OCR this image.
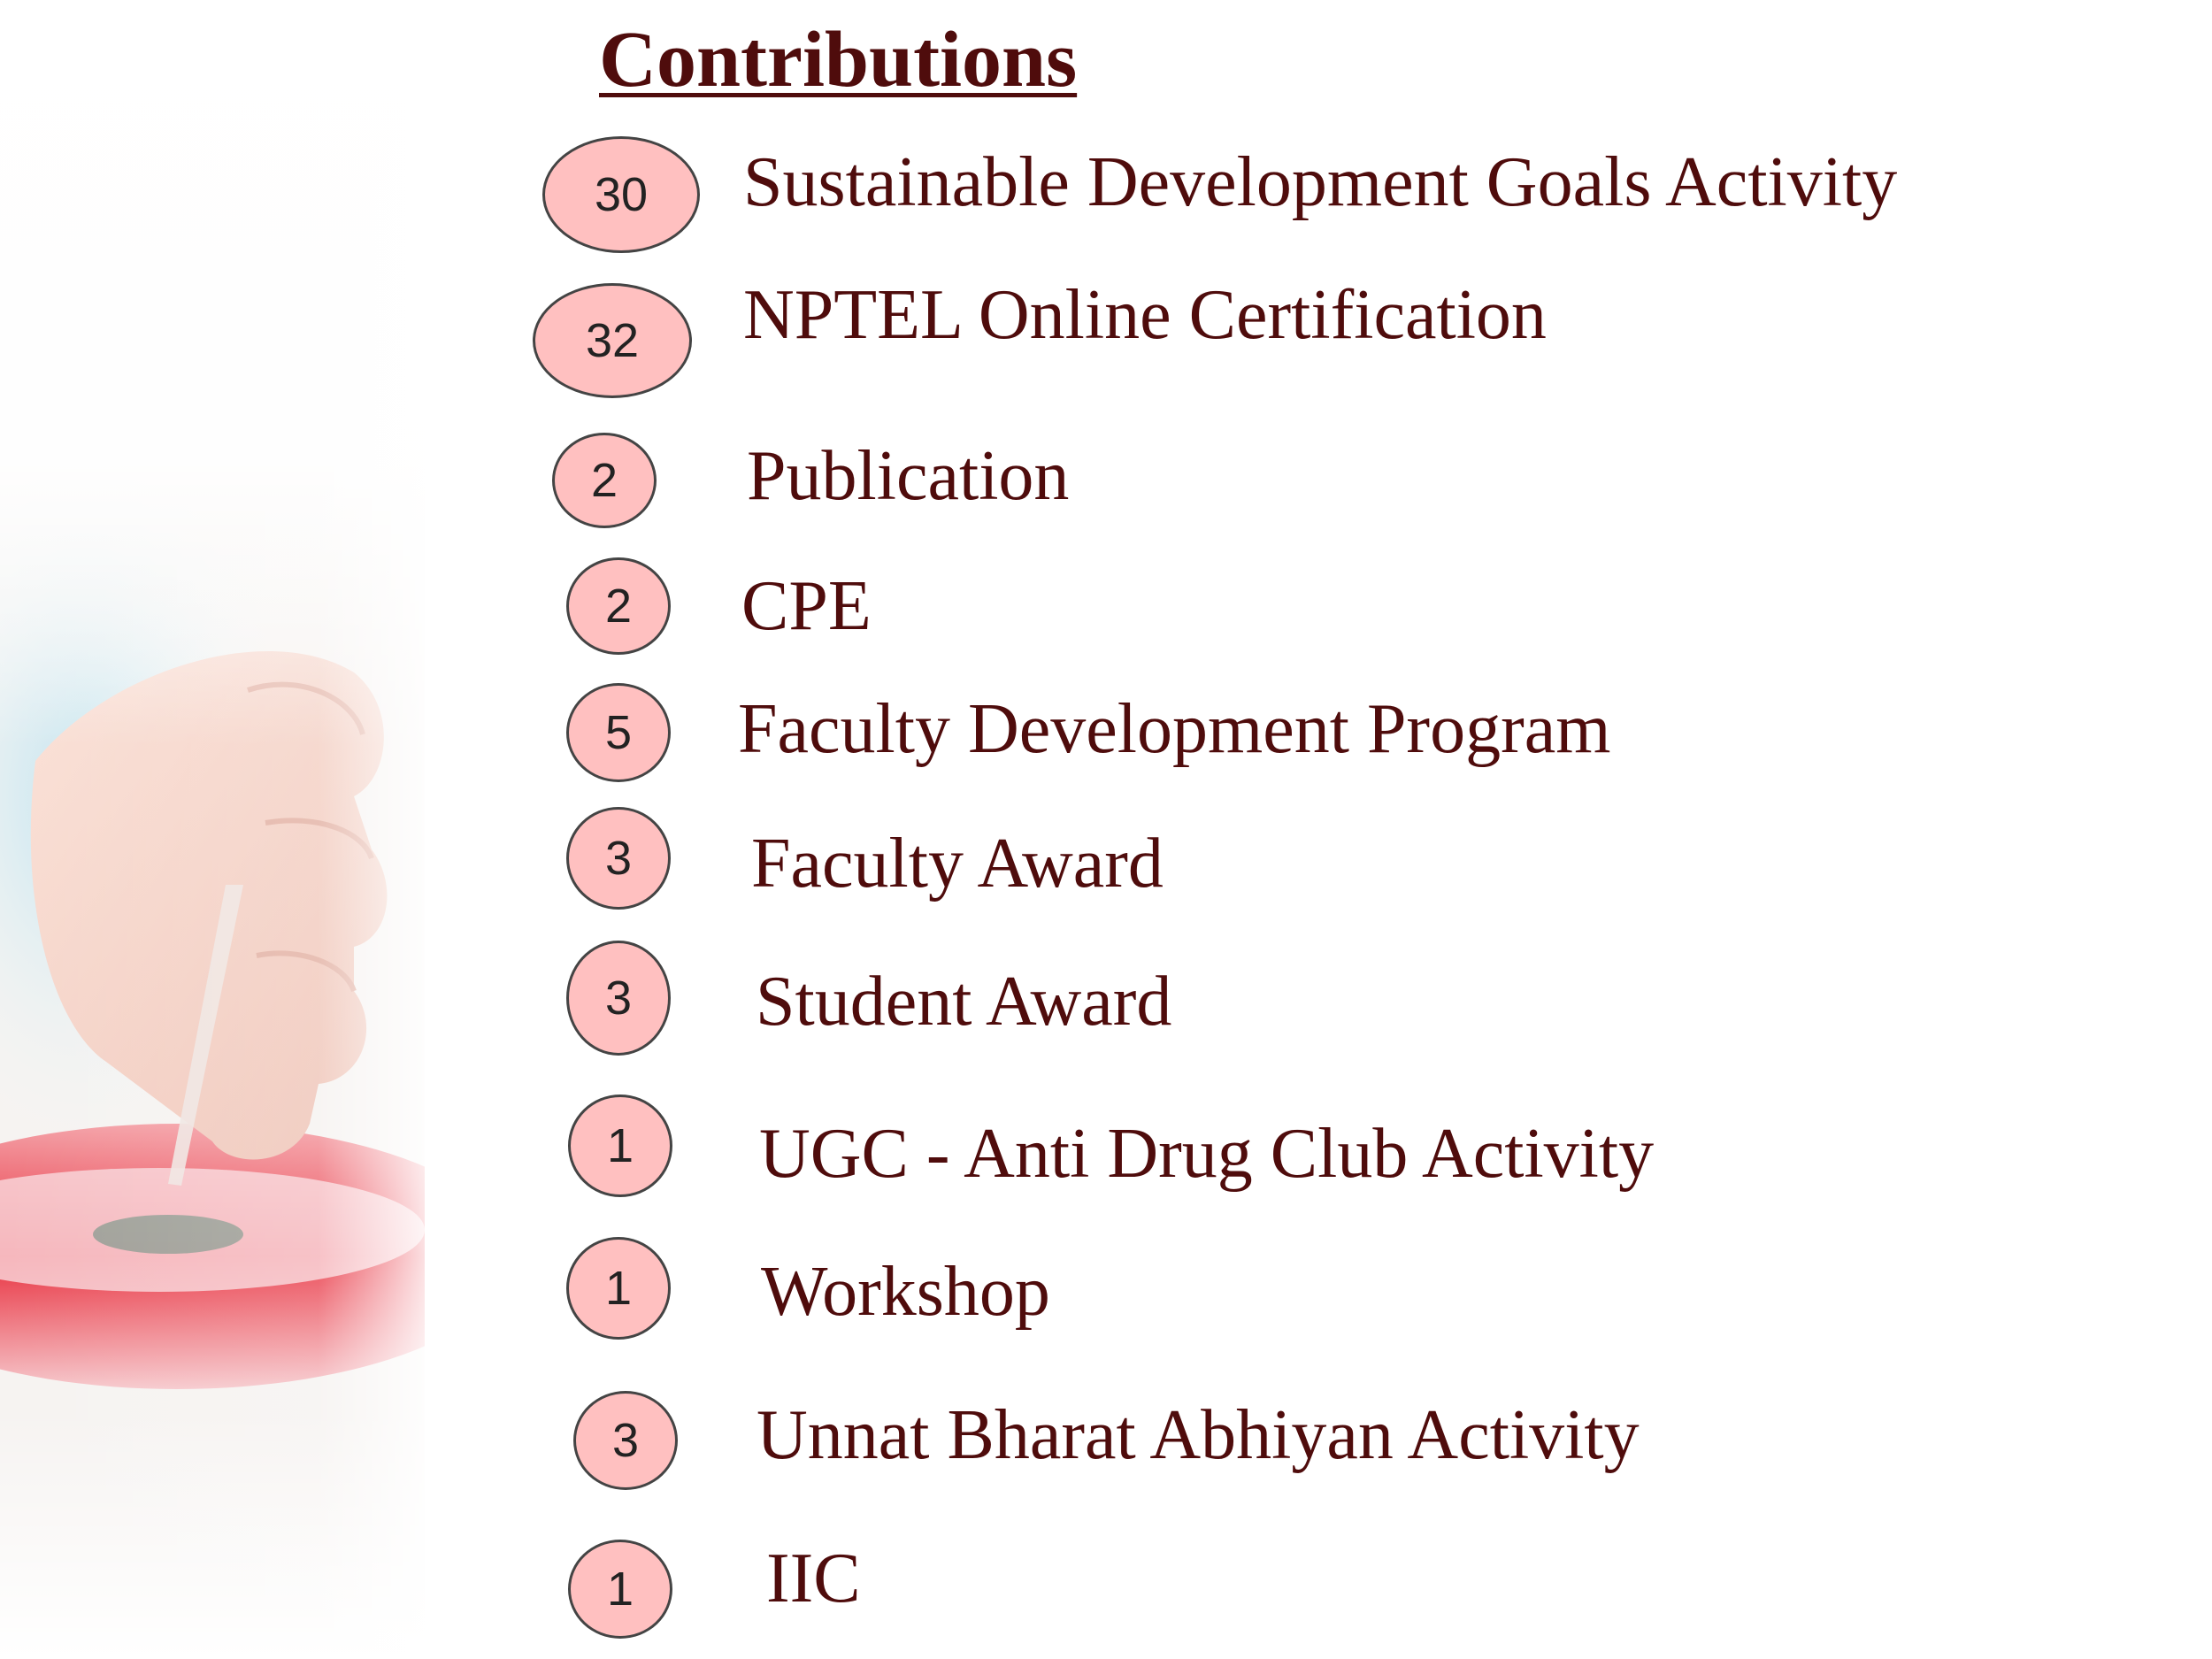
Contributions
30	Sustainable Development Goals Activity
32	NPTEL Online Certification
2	Publication
2	CPE
5	Faculty Development Program
3	Faculty Award
3	Student Award
1	UGC - Anti Drug Club Activity
1	Workshop
3	Unnat Bharat Abhiyan Activity
1	IIC
